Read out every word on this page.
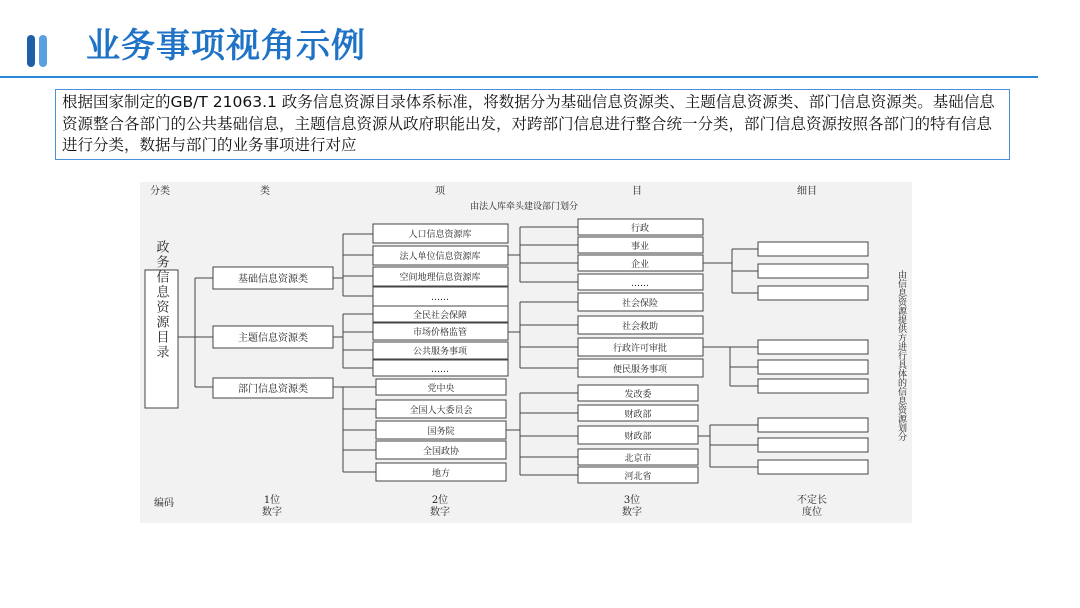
业务事项视角示例
根据国家制定的GB/T 21063.1 政务信息资源目录体系标准，将数据分为基础信息资源类、主题信息资源类、部门信息资源类。基础信息资源整合各部门的公共基础信息，主题信息资源从政府职能出发，对跨部门信息进行整合统一分类，部门信息资源按照各部门的特有信息进行分类，数据与部门的业务事项进行对应
分类	类	项	目	细目
由法人库牵头建设部门划分
政务信息资源目录	基础信息资源类
主题信息资源类
部门信息资源类
人口信息资源库
法人单位信息资源库
空间地理信息资源库
……
全民社会保障
市场价格监管
公共服务事项
……
党中央
全国人大委员会
国务院
全国政协
地方
行政
事业
企业
……
社会保险
社会救助
行政许可审批
便民服务事项
发改委
财政部
财政部
北京市
河北省
由信息资源提供方进行具体的信息资源划分
编码	1位
数字
2位
数字
3位
数字
不定长
度位
